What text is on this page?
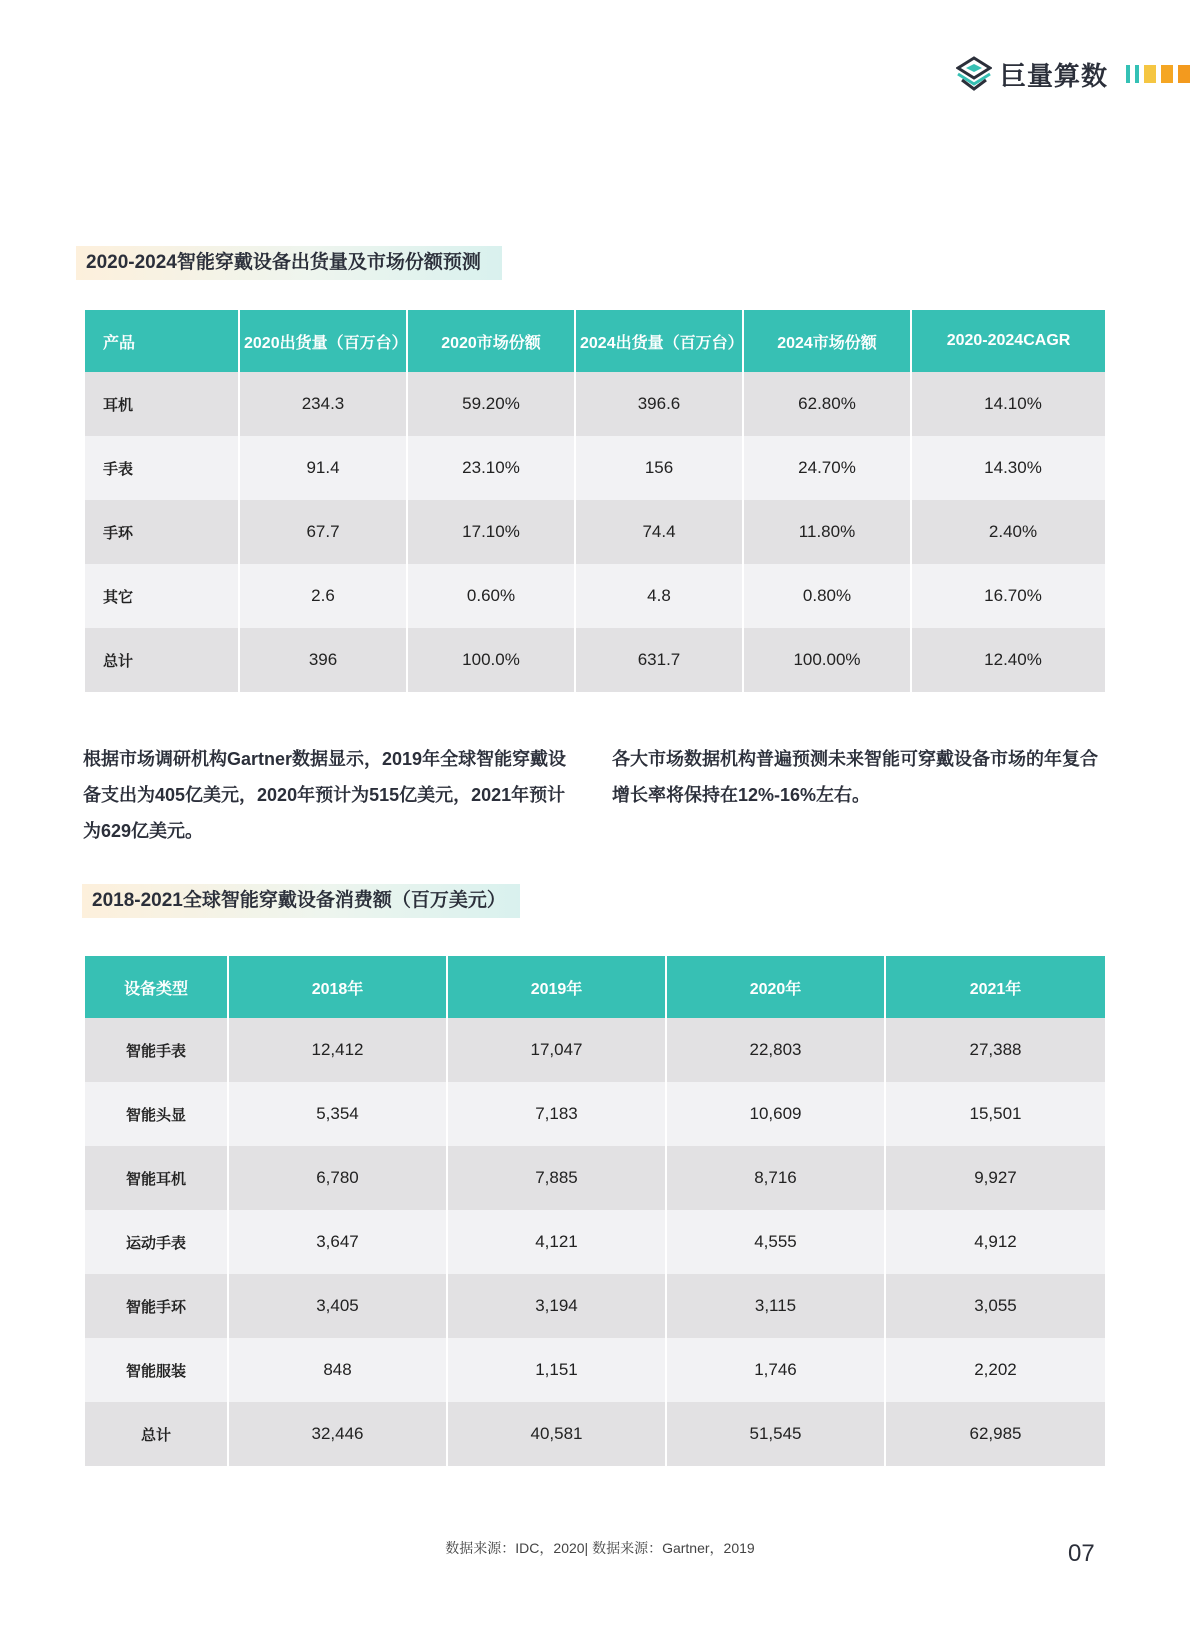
巨量算数
2020-2024智能穿戴设备出货量及市场份额预测
产品	2020出货量（百万台）	2020市场份额	2024出货量（百万台）	2024市场份额	2020-2024CAGR
耳机	234.3	59.20%	396.6	62.80%	14.10%
手表	91.4	23.10%	156	24.70%	14.30%
手环	67.7	17.10%	74.4	11.80%	2.40%
其它	2.6	0.60%	4.8	0.80%	16.70%
总计	396	100.0%	631.7	100.00%	12.40%
根据市场调研机构Gartner数据显示，2019年全球智能穿戴设备支出为405亿美元，2020年预计为515亿美元，2021年预计为629亿美元。
各大市场数据机构普遍预测未来智能可穿戴设备市场的年复合增长率将保持在12%-16%左右。
2018-2021全球智能穿戴设备消费额（百万美元）
设备类型	2018年	2019年	2020年	2021年
智能手表	12,412	17,047	22,803	27,388
智能头显	5,354	7,183	10,609	15,501
智能耳机	6,780	7,885	8,716	9,927
运动手表	3,647	4,121	4,555	4,912
智能手环	3,405	3,194	3,115	3,055
智能服装	848	1,151	1,746	2,202
总计	32,446	40,581	51,545	62,985
数据来源：IDC，2020| 数据来源：Gartner，2019	07
